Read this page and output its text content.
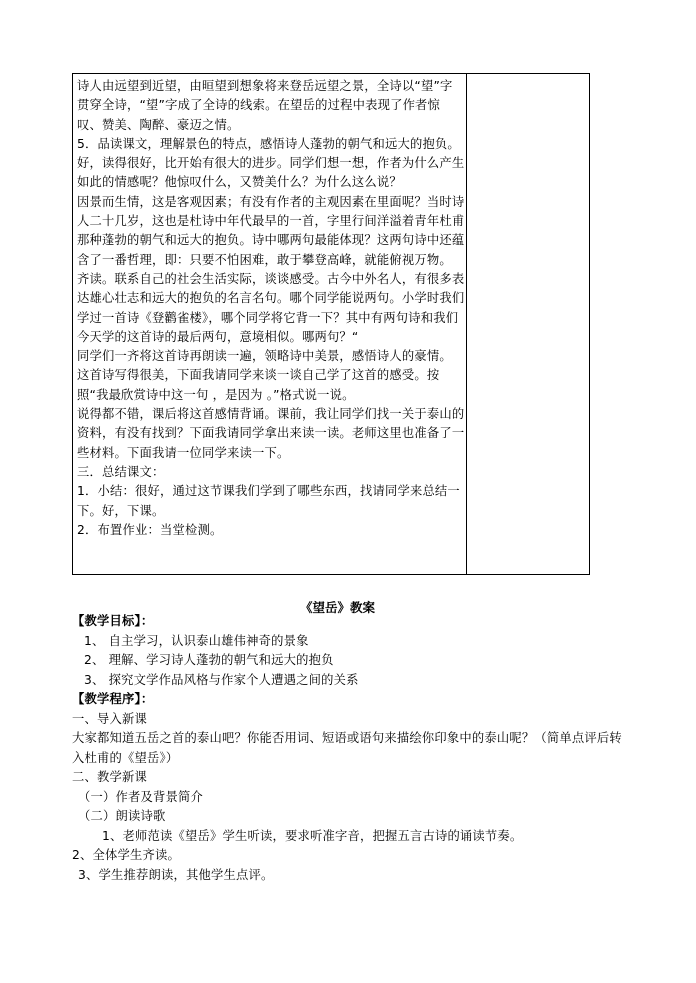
诗人由远望到近望，由晅望到想象将来登岳远望之景，全诗以“望”字贯穿全诗，“望”字成了全诗的线索。在望岳的过程中表现了作者惊叹、赞美、陶醉、豪迈之情。

5．品读课文，理解景色的特点，感悟诗人蓬勃的朝气和远大的抱负。

好，读得很好，比开始有很大的进步。同学们想一想，作者为什么产生如此的情感呢？他惊叹什么，又赞美什么？为什么这么说？

因景而生情，这是客观因素；有没有作者的主观因素在里面呢？当时诗人二十几岁，这也是杜诗中年代最早的一首，字里行间洋溢着青年杜甫那种蓬勃的朝气和远大的抱负。诗中哪两句最能体现？这两句诗中还蕴含了一番哲理，即：只要不怕困难，敢于攀登高峰，就能俯视万物。

齐读。联系自己的社会生活实际，谈谈感受。古今中外名人，有很多表达雄心壮志和远大的抱负的名言名句。哪个同学能说两句。小学时我们学过一首诗《登鹳雀楼》，哪个同学将它背一下？其中有两句诗和我们今天学的这首诗的最后两句，意境相似。哪两句？“

同学们一齐将这首诗再朗读一遍，领略诗中美景，感悟诗人的豪情。

这首诗写得很美，下面我请同学来谈一谈自己学了这首的感受。按照“我最欣赏诗中这一句 ，是因为 。”格式说一说。

说得都不错，课后将这首感情背诵。课前，我让同学们找一关于泰山的资料，有没有找到？下面我请同学拿出来读一读。老师这里也准备了一些材料。下面我请一位同学来读一下。

三．总结课文：

1．小结：很好，通过这节课我们学到了哪些东西，找请同学来总结一下。好，下课。

2．布置作业：当堂检测。

《望岳》教案
【教学目标】：
1、 自主学习，认识泰山雄伟神奇的景象
2、 理解、学习诗人蓬勃的朝气和远大的抱负
3、 探究文学作品风格与作家个人遭遇之间的关系
【教学程序】：
一、导入新课
大家都知道五岳之首的泰山吧？你能否用词、短语或语句来描绘你印象中的泰山呢？（简单点评后转入杜甫的《望岳》）
二、教学新课
（一）作者及背景简介
（二）朗读诗歌
1、老师范读《望岳》学生听读，要求听准字音，把握五言古诗的诵读节奏。
2、全体学生齐读。
3、学生推荐朗读，其他学生点评。
